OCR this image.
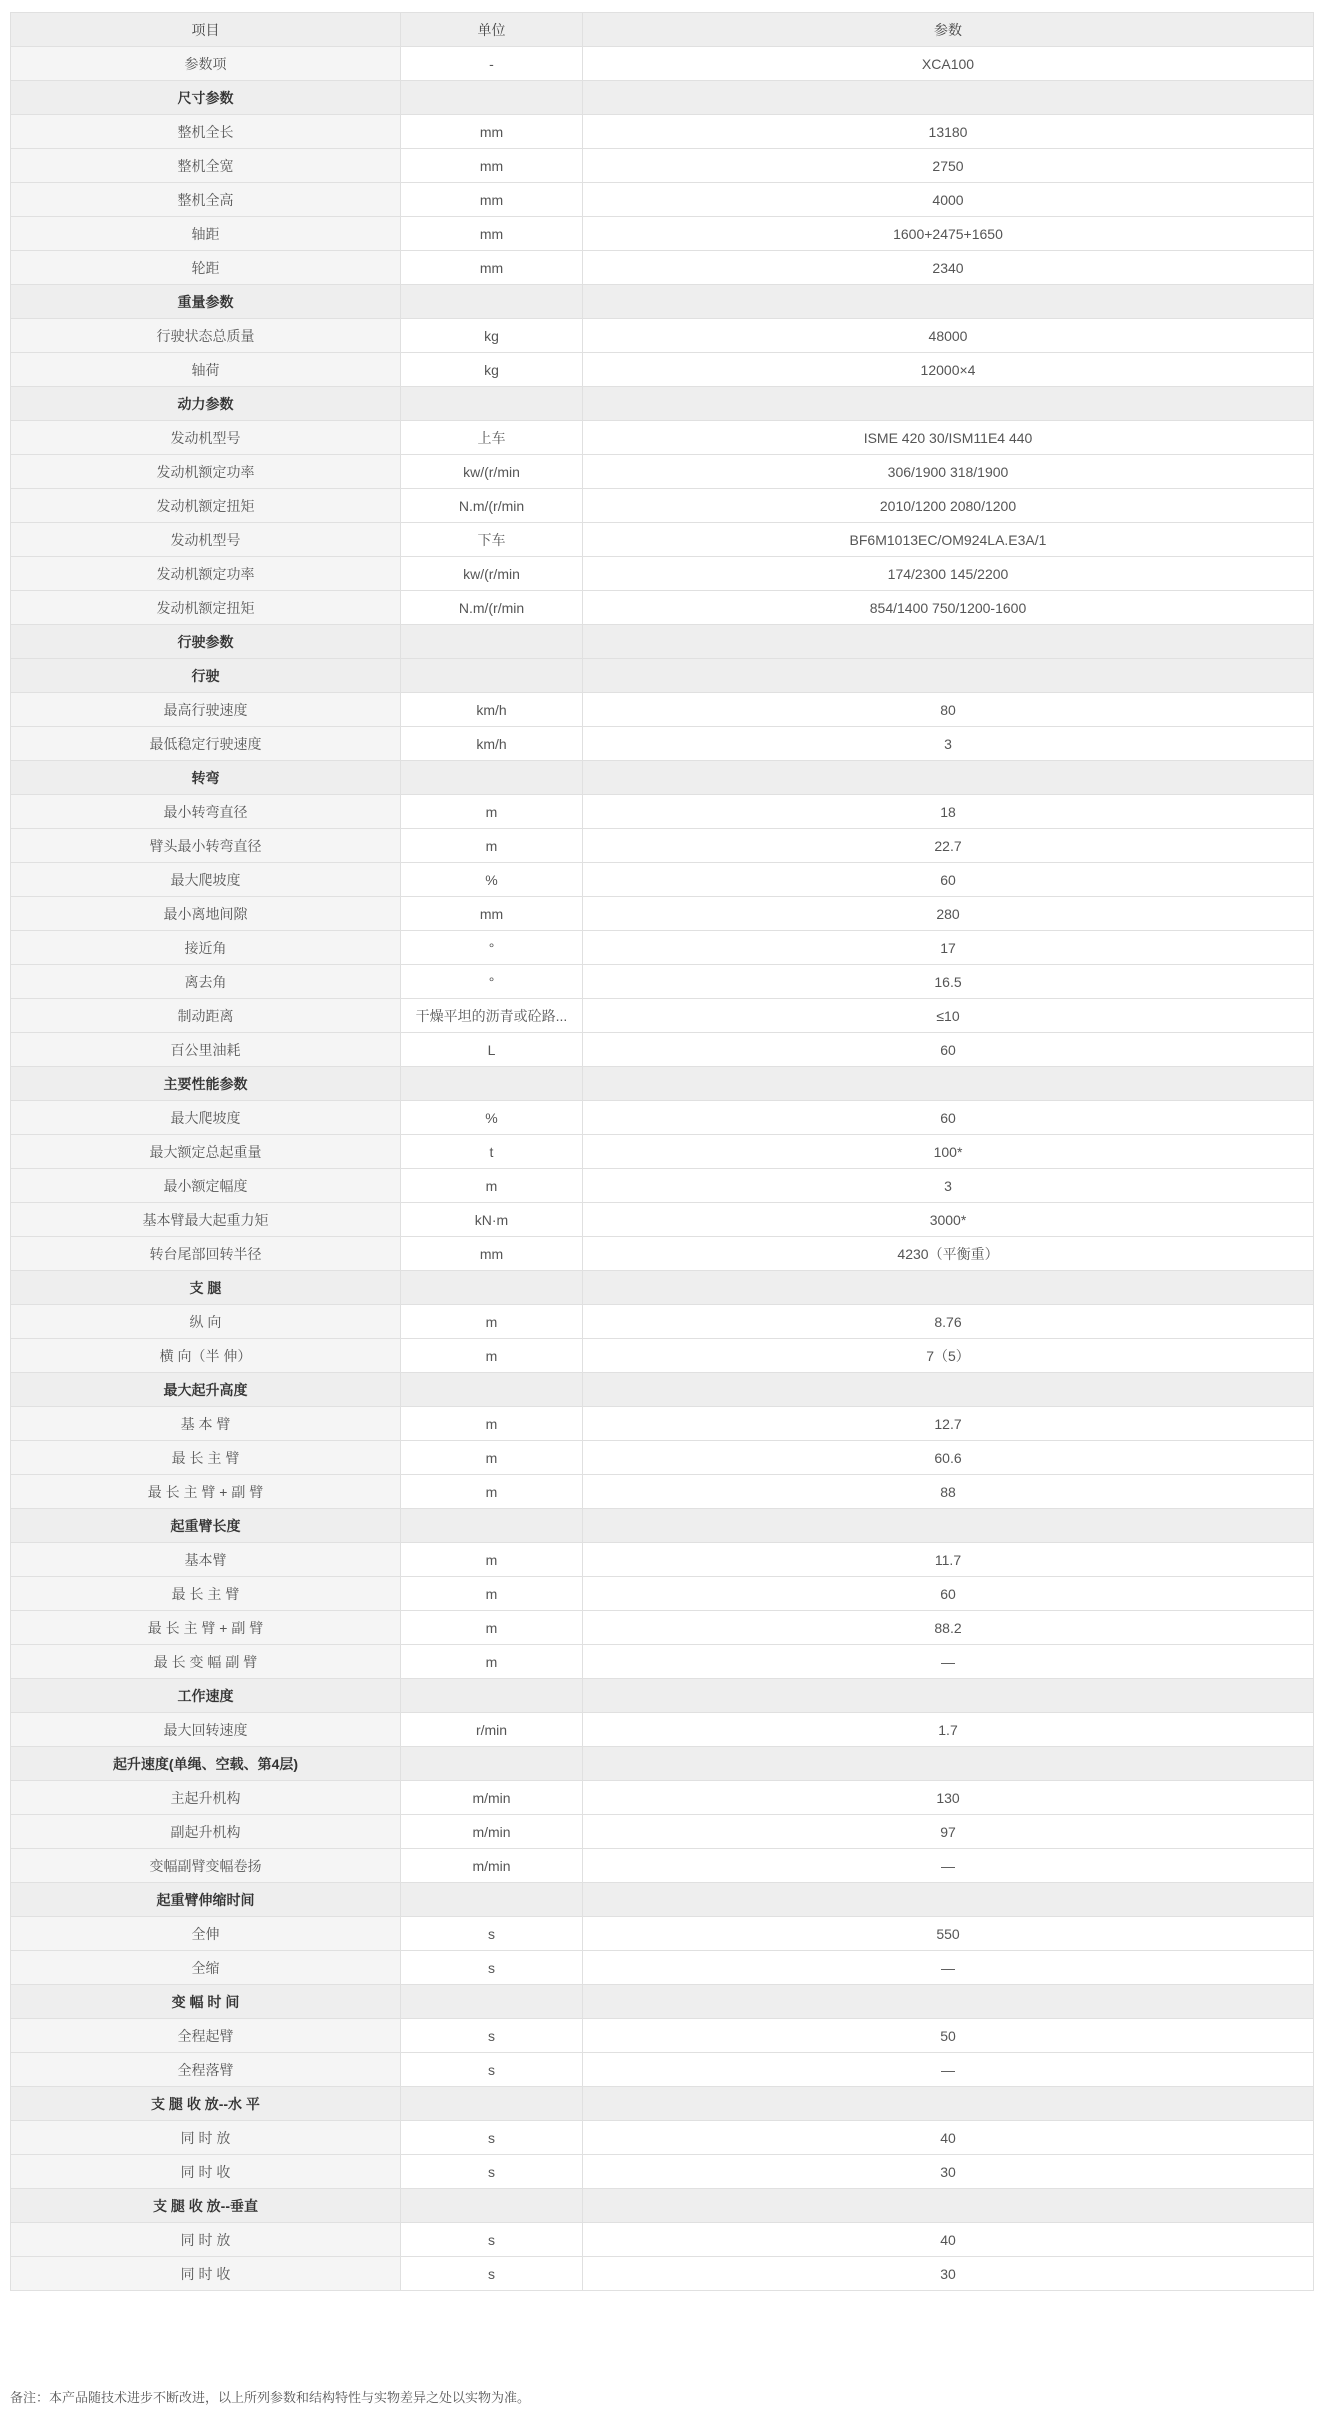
项目	单位	参数
参数项	-	XCA100
尺寸参数		
整机全长	mm	13180
整机全宽	mm	2750
整机全高	mm	4000
轴距	mm	1600+2475+1650
轮距	mm	2340
重量参数		
行驶状态总质量	kg	48000
轴荷	kg	12000×4
动力参数		
发动机型号	上车	ISME 420 30/ISM11E4 440
发动机额定功率	kw/(r/min	306/1900 318/1900
发动机额定扭矩	N.m/(r/min	2010/1200 2080/1200
发动机型号	下车	BF6M1013EC/OM924LA.E3A/1
发动机额定功率	kw/(r/min	174/2300 145/2200
发动机额定扭矩	N.m/(r/min	854/1400 750/1200-1600
行驶参数		
行驶		
最高行驶速度	km/h	80
最低稳定行驶速度	km/h	3
转弯		
最小转弯直径	m	18
臂头最小转弯直径	m	22.7
最大爬坡度	%	60
最小离地间隙	mm	280
接近角	°	17
离去角	°	16.5
制动距离	干燥平坦的沥青或砼路...	≤10
百公里油耗	L	60
主要性能参数		
最大爬坡度	%	60
最大额定总起重量	t	100*
最小额定幅度	m	3
基本臂最大起重力矩	kN·m	3000*
转台尾部回转半径	mm	4230（平衡重）
支 腿		
纵 向	m	8.76
横 向（半 伸）	m	7（5）
最大起升高度		
基 本 臂	m	12.7
最 长 主 臂	m	60.6
最 长 主 臂 + 副 臂	m	88
起重臂长度		
基本臂	m	11.7
最 长 主 臂	m	60
最 长 主 臂 + 副 臂	m	88.2
最 长 变 幅 副 臂	m	—
工作速度		
最大回转速度	r/min	1.7
起升速度(单绳、空载、第4层)		
主起升机构	m/min	130
副起升机构	m/min	97
变幅副臂变幅卷扬	m/min	—
起重臂伸缩时间		
全伸	s	550
全缩	s	—
变 幅 时 间		
全程起臂	s	50
全程落臂	s	—
支 腿 收 放--水 平		
同 时 放	s	40
同 时 收	s	30
支 腿 收 放--垂直		
同 时 放	s	40
同 时 收	s	30
备注：本产品随技术进步不断改进，以上所列参数和结构特性与实物差异之处以实物为准。
